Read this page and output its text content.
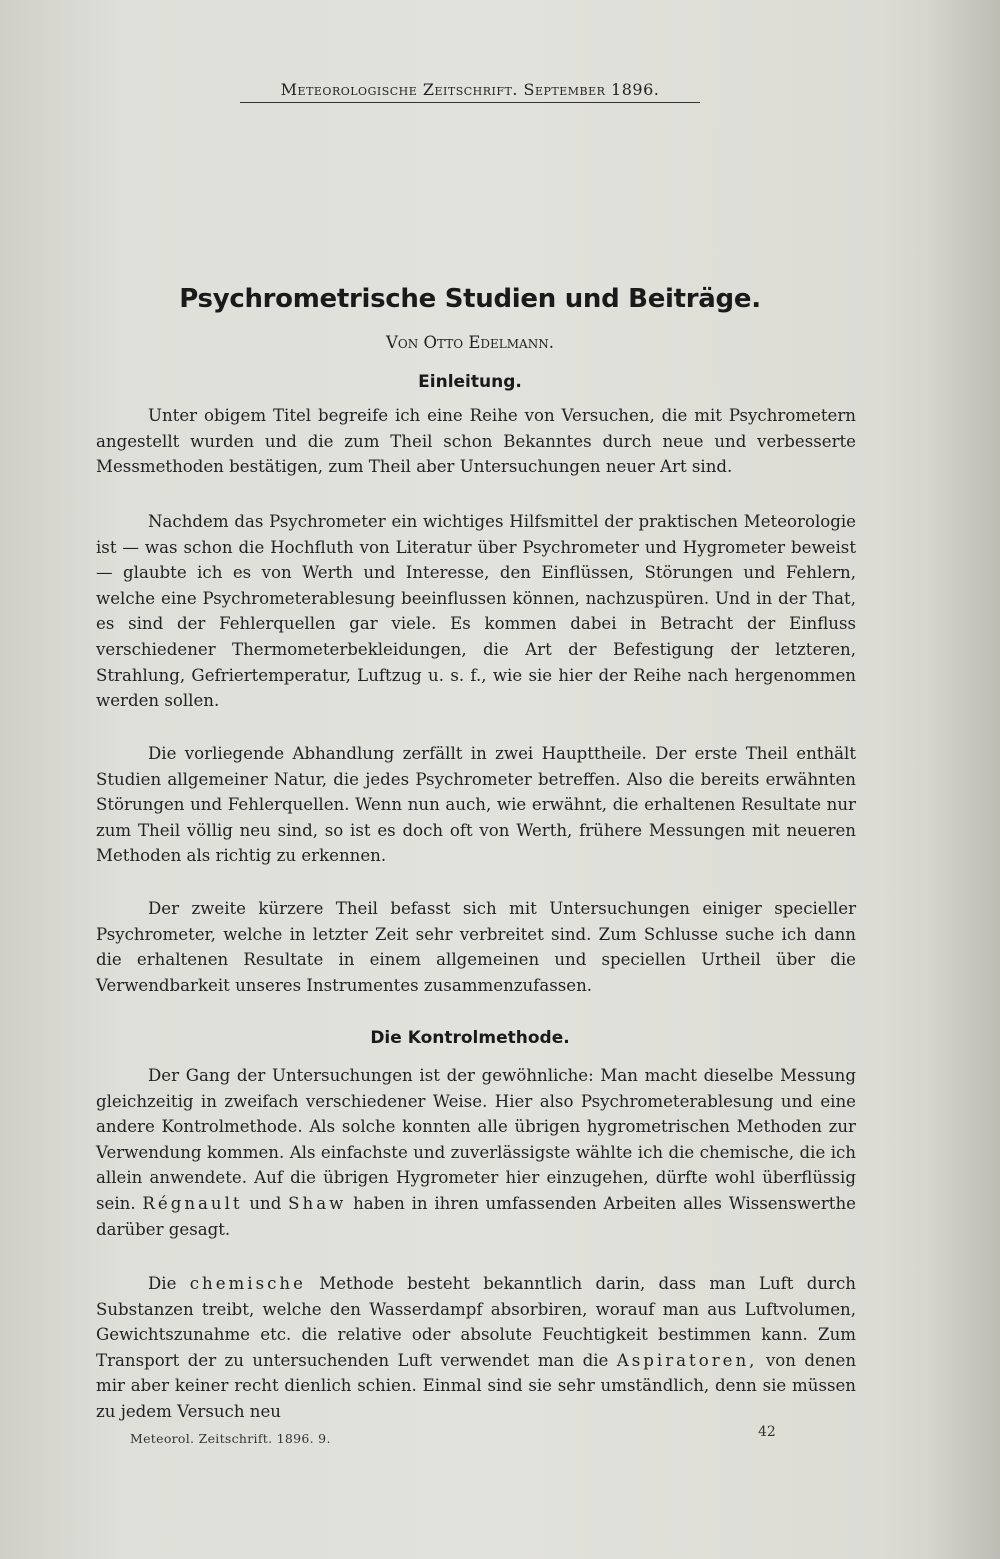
Meteorologische Zeitschrift. September 1896.
Psychrometrische Studien und Beiträge.
Von Otto Edelmann.
Einleitung.

Unter obigem Titel begreife ich eine Reihe von Versuchen, die mit Psychrometern angestellt wurden und die zum Theil schon Bekanntes durch neue und verbesserte Messmethoden bestätigen, zum Theil aber Untersuchungen neuer Art sind.

Nachdem das Psychrometer ein wichtiges Hilfsmittel der praktischen Meteorologie ist — was schon die Hochfluth von Literatur über Psychrometer und Hygrometer beweist — glaubte ich es von Werth und Interesse, den Einflüssen, Störungen und Fehlern, welche eine Psychrometerablesung beeinflussen können, nachzuspüren. Und in der That, es sind der Fehlerquellen gar viele. Es kommen dabei in Betracht der Einfluss verschiedener Thermometerbekleidungen, die Art der Befestigung der letzteren, Strahlung, Gefriertemperatur, Luftzug u. s. f., wie sie hier der Reihe nach hergenommen werden sollen.

Die vorliegende Abhandlung zerfällt in zwei Haupttheile. Der erste Theil enthält Studien allgemeiner Natur, die jedes Psychrometer betreffen. Also die bereits erwähnten Störungen und Fehlerquellen. Wenn nun auch, wie erwähnt, die erhaltenen Resultate nur zum Theil völlig neu sind, so ist es doch oft von Werth, frühere Messungen mit neueren Methoden als richtig zu erkennen.

Der zweite kürzere Theil befasst sich mit Untersuchungen einiger specieller Psychrometer, welche in letzter Zeit sehr verbreitet sind. Zum Schlusse suche ich dann die erhaltenen Resultate in einem allgemeinen und speciellen Urtheil über die Verwendbarkeit unseres Instrumentes zusammenzufassen.

Die Kontrolmethode.

Der Gang der Untersuchungen ist der gewöhnliche: Man macht dieselbe Messung gleichzeitig in zweifach verschiedener Weise. Hier also Psychrometerablesung und eine andere Kontrolmethode. Als solche konnten alle übrigen hygrometrischen Methoden zur Verwendung kommen. Als einfachste und zuverlässigste wählte ich die chemische, die ich allein anwendete. Auf die übrigen Hygrometer hier einzugehen, dürfte wohl überflüssig sein. Régnault und Shaw haben in ihren umfassenden Arbeiten alles Wissenswerthe darüber gesagt.

Die chemische Methode besteht bekanntlich darin, dass man Luft durch Substanzen treibt, welche den Wasserdampf absorbiren, worauf man aus Luftvolumen, Gewichtszunahme etc. die relative oder absolute Feuchtigkeit bestimmen kann. Zum Transport der zu untersuchenden Luft verwendet man die Aspiratoren, von denen mir aber keiner recht dienlich schien. Einmal sind sie sehr umständlich, denn sie müssen zu jedem Versuch neu

Meteorol. Zeitschrift. 1896. 9.	42
